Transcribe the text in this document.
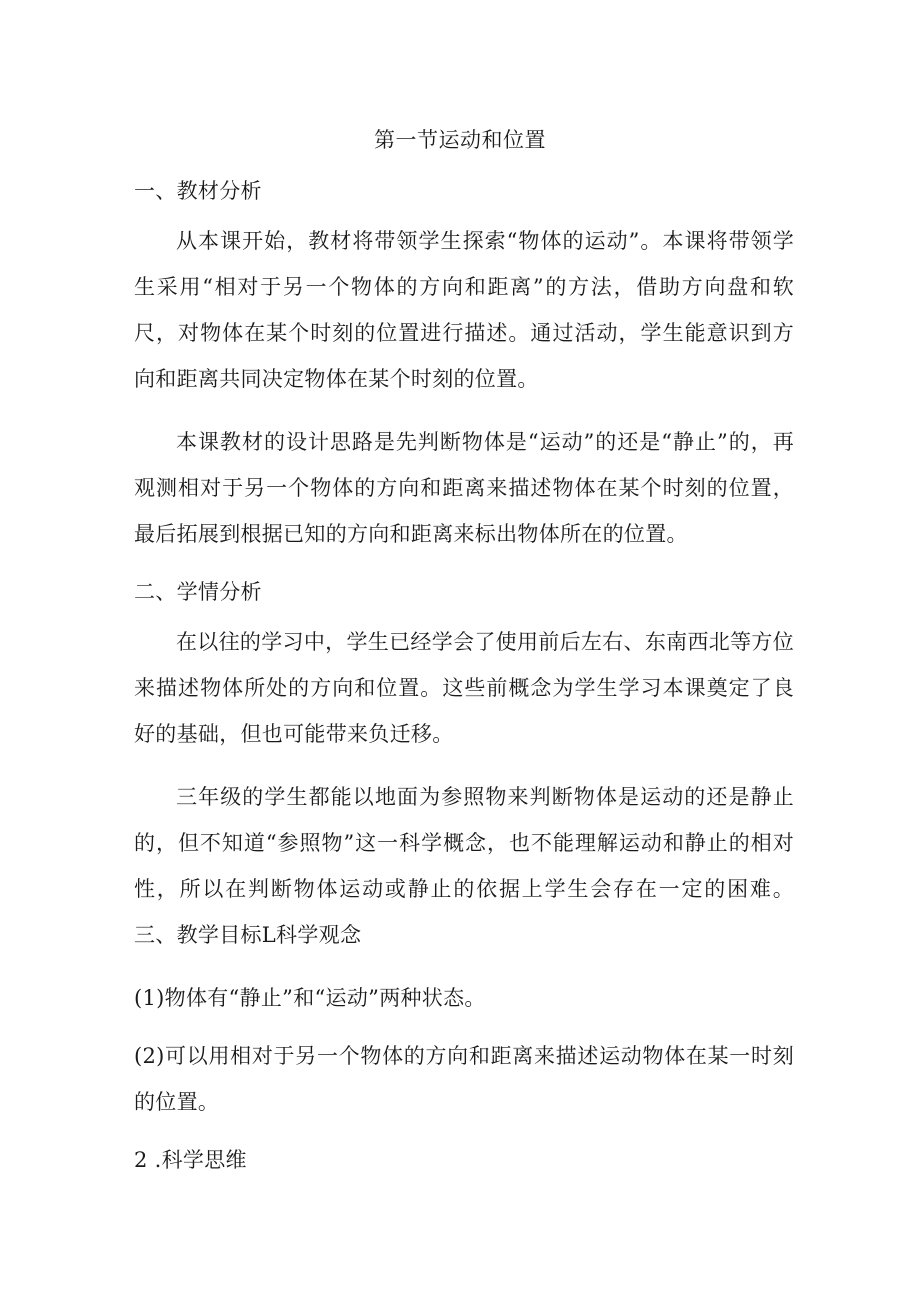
第一节运动和位置
一、教材分析

从本课开始，教材将带领学生探索“物体的运动”。本课将带领学生采用“相对于另一个物体的方向和距离”的方法，借助方向盘和软尺，对物体在某个时刻的位置进行描述。通过活动，学生能意识到方向和距离共同决定物体在某个时刻的位置。

本课教材的设计思路是先判断物体是“运动”的还是“静止”的，再观测相对于另一个物体的方向和距离来描述物体在某个时刻的位置，最后拓展到根据已知的方向和距离来标出物体所在的位置。

二、学情分析

在以往的学习中，学生已经学会了使用前后左右、东南西北等方位来描述物体所处的方向和位置。这些前概念为学生学习本课奠定了良好的基础，但也可能带来负迁移。

三年级的学生都能以地面为参照物来判断物体是运动的还是静止的，但不知道“参照物”这一科学概念，也不能理解运动和静止的相对性，所以在判断物体运动或静止的依据上学生会存在一定的困难。三、教学目标L科学观念

(1)物体有“静止”和“运动”两种状态。

(2)可以用相对于另一个物体的方向和距离来描述运动物体在某一时刻的位置。

2 .科学思维
